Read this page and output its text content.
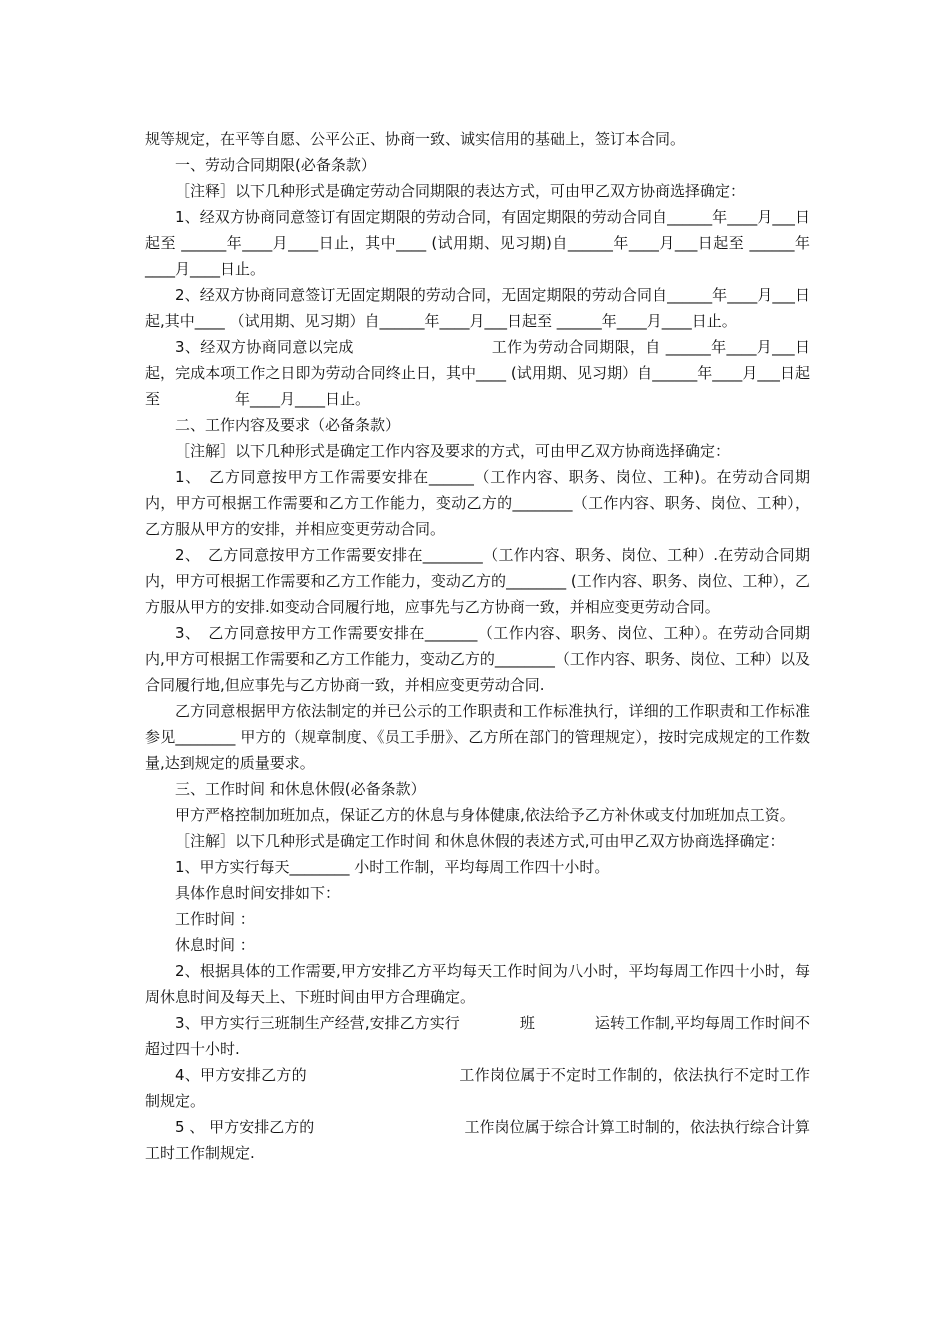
规等规定，在平等自愿、公平公正、协商一致、诚实信用的基础上，签订本合同。

一、劳动合同期限(必备条款）

［注释］以下几种形式是确定劳动合同期限的表达方式，可由甲乙双方协商选择确定：

1、经双方协商同意签订有固定期限的劳动合同，有固定期限的劳动合同自______年____月___日起至 ______年____月____日止，其中____ (试用期、见习期)自______年____月___日起至 ______年____月____日止。

2、经双方协商同意签订无固定期限的劳动合同，无固定期限的劳动合同自______年____月___日起,其中____ （试用期、见习期）自______年____月___日起至 ______年____月____日止。

3、经双方协商同意以完成　　　　　　　　　工作为劳动合同期限，自 ______年____月___日起，完成本项工作之日即为劳动合同终止日，其中____ (试用期、见习期）自______年____月___日起至　　　　　年____月____日止。

二、工作内容及要求（必备条款）

［注解］以下几种形式是确定工作内容及要求的方式，可由甲乙双方协商选择确定：

1、　乙方同意按甲方工作需要安排在______（工作内容、职务、岗位、工种)。在劳动合同期内，甲方可根据工作需要和乙方工作能力，变动乙方的________（工作内容、职务、岗位、工种），乙方服从甲方的安排，并相应变更劳动合同。

2、　乙方同意按甲方工作需要安排在________（工作内容、职务、岗位、工种）.在劳动合同期内，甲方可根据工作需要和乙方工作能力，变动乙方的________ (工作内容、职务、岗位、工种），乙方服从甲方的安排.如变动合同履行地，应事先与乙方协商一致，并相应变更劳动合同。

3、　乙方同意按甲方工作需要安排在_______（工作内容、职务、岗位、工种）。在劳动合同期内,甲方可根据工作需要和乙方工作能力，变动乙方的________（工作内容、职务、岗位、工种）以及合同履行地,但应事先与乙方协商一致，并相应变更劳动合同.

乙方同意根据甲方依法制定的并已公示的工作职责和工作标准执行，详细的工作职责和工作标准参见________ 甲方的（规章制度、《员工手册》、乙方所在部门的管理规定），按时完成规定的工作数量,达到规定的质量要求。

三、工作时间 和休息休假(必备条款）

甲方严格控制加班加点，保证乙方的休息与身体健康,依法给予乙方补休或支付加班加点工资。

［注解］以下几种形式是确定工作时间 和休息休假的表述方式,可由甲乙双方协商选择确定：

1、甲方实行每天________ 小时工作制，平均每周工作四十小时。

具体作息时间安排如下：

工作时间 ：

休息时间 ：

2、根据具体的工作需要,甲方安排乙方平均每天工作时间为八小时，平均每周工作四十小时，每周休息时间及每天上、下班时间由甲方合理确定。

3、甲方实行三班制生产经营,安排乙方实行　　　　班　　　　运转工作制,平均每周工作时间不超过四十小时.

4、甲方安排乙方的　　　　　　　　　　工作岗位属于不定时工作制的，依法执行不定时工作制规定。

5 、 甲方安排乙方的　　　　　　　　　　工作岗位属于综合计算工时制的，依法执行综合计算工时工作制规定.
